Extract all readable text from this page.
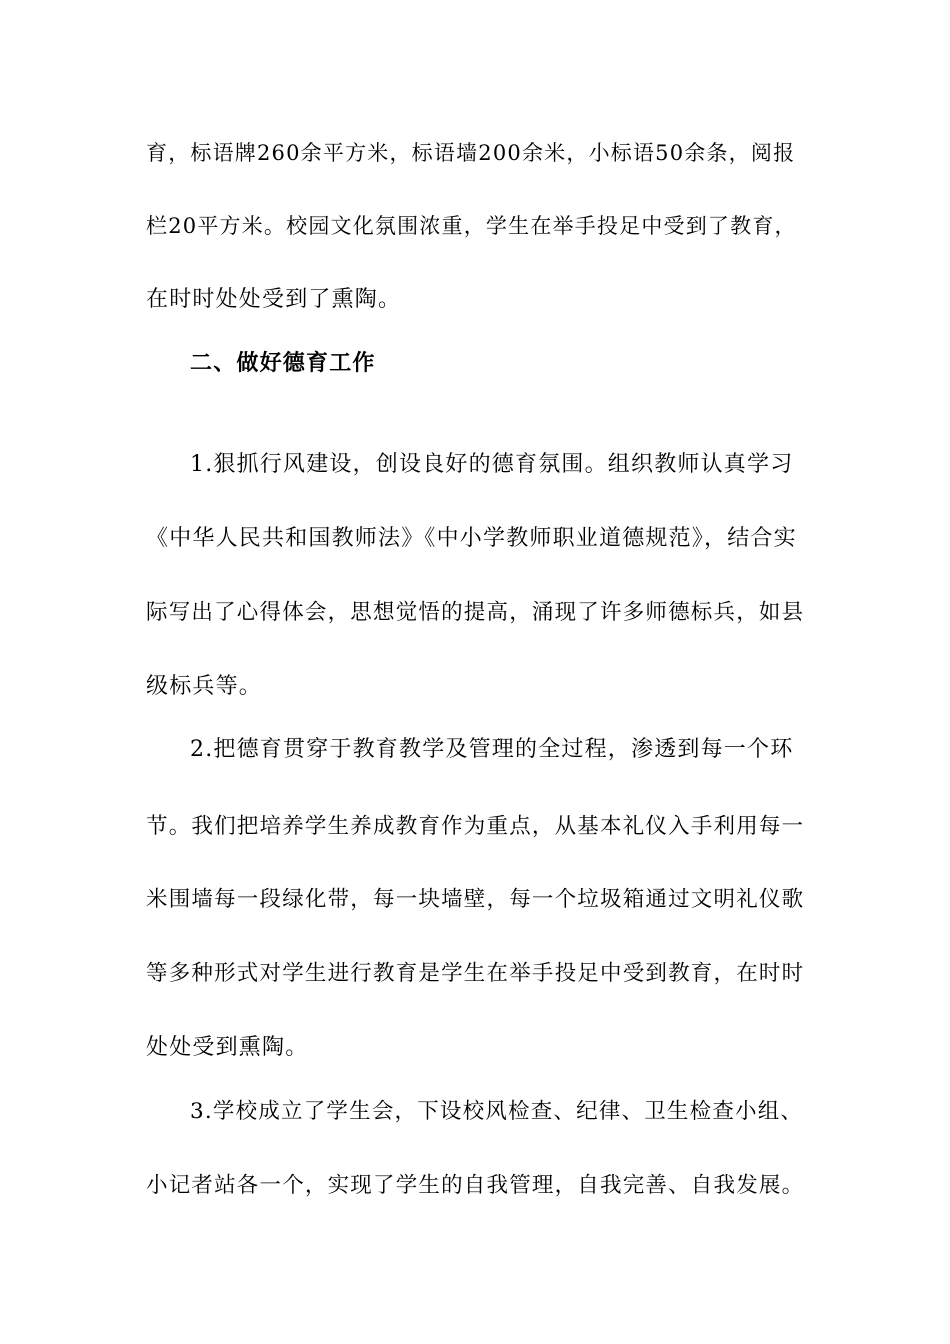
育，标语牌260余平方米，标语墙200余米，小标语50余条，阅报
栏20平方米。校园文化氛围浓重，学生在举手投足中受到了教育，
在时时处处受到了熏陶。
二、做好德育工作
1.狠抓行风建设，创设良好的德育氛围。组织教师认真学习
《中华人民共和国教师法》《中小学教师职业道德规范》，结合实
际写出了心得体会，思想觉悟的提高，涌现了许多师德标兵，如县
级标兵等。
2.把德育贯穿于教育教学及管理的全过程，渗透到每一个环
节。我们把培养学生养成教育作为重点，从基本礼仪入手利用每一
米围墙每一段绿化带，每一块墙壁，每一个垃圾箱通过文明礼仪歌
等多种形式对学生进行教育是学生在举手投足中受到教育，在时时
处处受到熏陶。
3.学校成立了学生会，下设校风检查、纪律、卫生检查小组、
小记者站各一个，实现了学生的自我管理，自我完善、自我发展。
